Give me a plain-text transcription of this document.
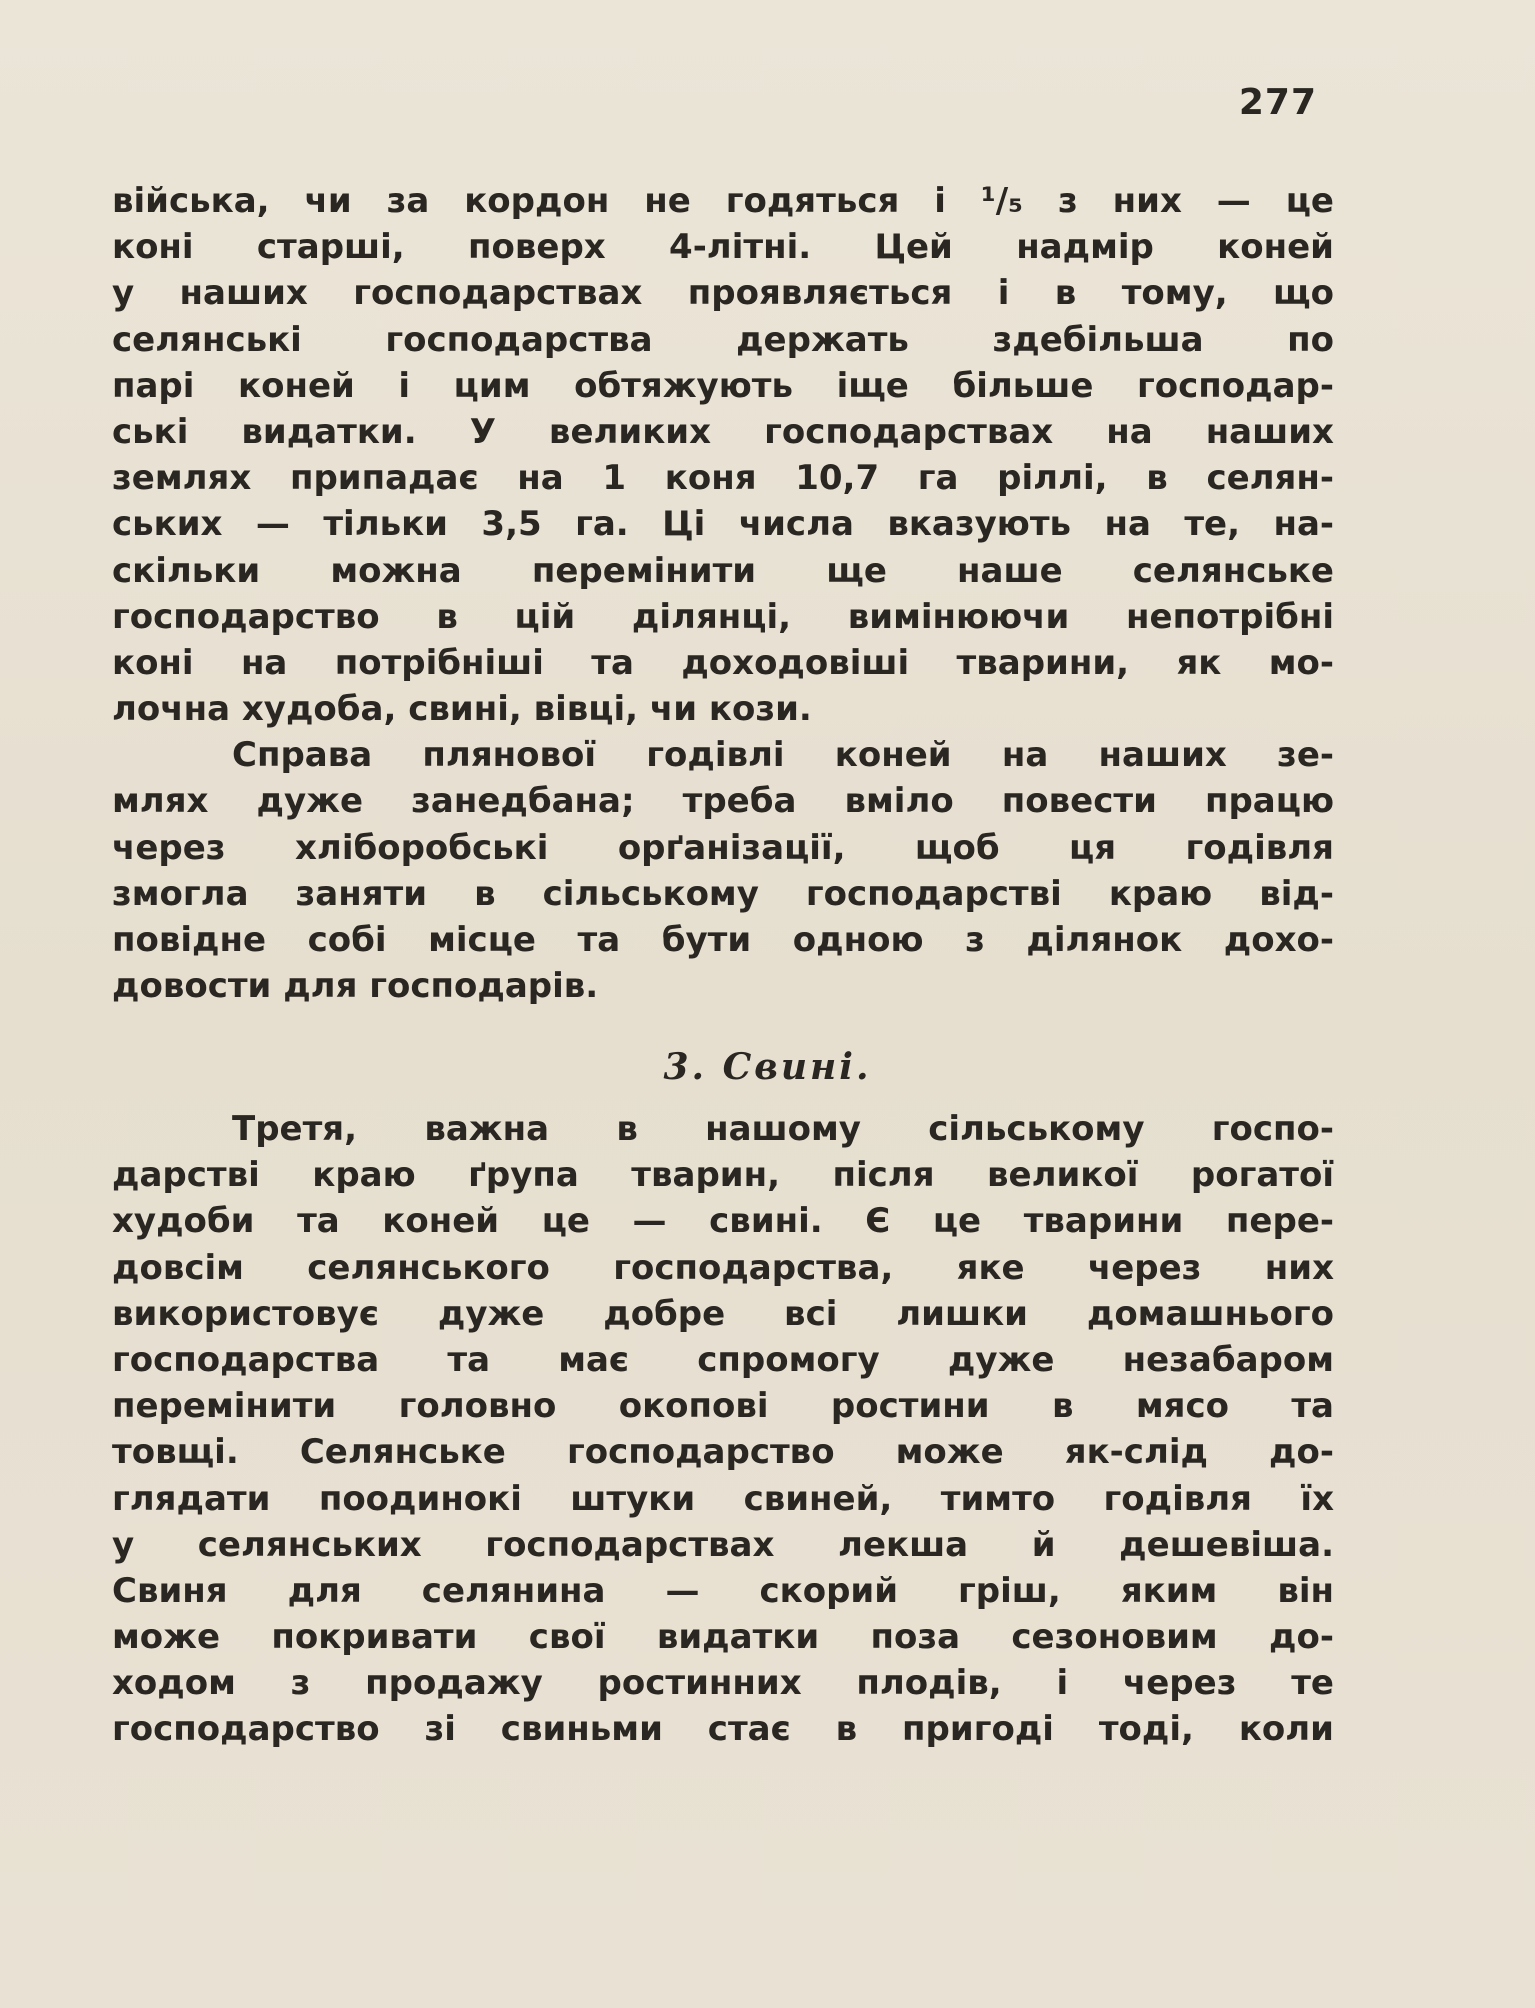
277
війська, чи за кордон не годяться і ¹/₅ з них — це
коні старші, поверх 4-літні. Цей надмір коней
у наших господарствах проявляється і в тому, що
селянські господарства держать здебільша по
парі коней і цим обтяжують іще більше господар-
ські видатки. У великих господарствах на наших
землях припадає на 1 коня 10,7 га ріллі, в селян-
ських — тільки 3,5 га. Ці числа вказують на те, на-
скільки можна перемінити ще наше селянське
господарство в цій ділянці, вимінюючи непотрібні
коні на потрібніші та доходовіші тварини, як мо-
лочна худоба, свині, вівці, чи кози.
Справа плянової годівлі коней на наших зе-
млях дуже занедбана; треба вміло повести працю
через хліборобські орґанізації, щоб ця годівля
змогла заняти в сільському господарстві краю від-
повідне собі місце та бути одною з ділянок дохо-
довости для господарів.
3. Свині.
Третя, важна в нашому сільському госпо-
дарстві краю ґрупа тварин, після великої рогатої
худоби та коней це — свині. Є це тварини пере-
довсім селянського господарства, яке через них
використовує дуже добре всі лишки домашнього
господарства та має спромогу дуже незабаром
перемінити головно окопові ростини в мясо та
товщі. Селянське господарство може як-слід до-
глядати поодинокі штуки свиней, тимто годівля їх
у селянських господарствах лекша й дешевіша.
Свиня для селянина — скорий гріш, яким він
може покривати свої видатки поза сезоновим до-
ходом з продажу ростинних плодів, і через те
господарство зі свиньми стає в пригоді тоді, коли
